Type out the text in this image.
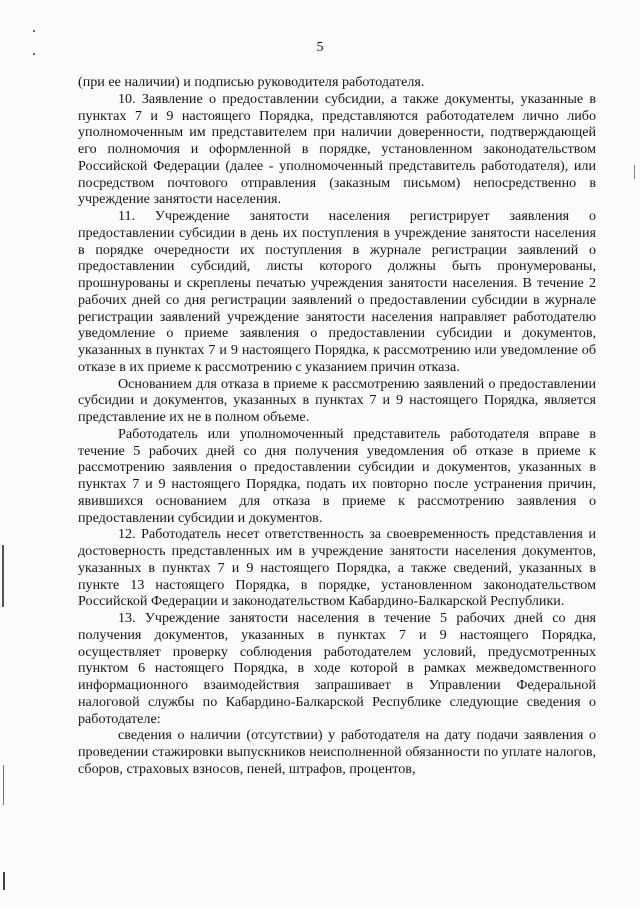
5

(при ее наличии) и подписью руководителя работодателя.

10. Заявление о предоставлении субсидии, а также документы, указанные в пунктах 7 и 9 настоящего Порядка, представляются работодателем лично либо уполномоченным им представителем при наличии доверенности, подтверждающей его полномочия и оформленной в порядке, установленном законодательством Российской Федерации (далее - уполномоченный представитель работодателя), или посредством почтового отправления (заказным письмом) непосредственно в учреждение занятости населения.

11. Учреждение занятости населения регистрирует заявления о предоставлении субсидии в день их поступления в учреждение занятости населения в порядке очередности их поступления в журнале регистрации заявлений о предоставлении субсидий, листы которого должны быть пронумерованы, прошнурованы и скреплены печатью учреждения занятости населения. В течение 2 рабочих дней со дня регистрации заявлений о предоставлении субсидии в журнале регистрации заявлений учреждение занятости населения направляет работодателю уведомление о приеме заявления о предоставлении субсидии и документов, указанных в пунктах 7 и 9 настоящего Порядка, к рассмотрению или уведомление об отказе в их приеме к рассмотрению с указанием причин отказа.

Основанием для отказа в приеме к рассмотрению заявлений о предоставлении субсидии и документов, указанных в пунктах 7 и 9 настоящего Порядка, является представление их не в полном объеме.

Работодатель или уполномоченный представитель работодателя вправе в течение 5 рабочих дней со дня получения уведомления об отказе в приеме к рассмотрению заявления о предоставлении субсидии и документов, указанных в пунктах 7 и 9 настоящего Порядка, подать их повторно после устранения причин, явившихся основанием для отказа в приеме к рассмотрению заявления о предоставлении субсидии и документов.

12. Работодатель несет ответственность за своевременность представления и достоверность представленных им в учреждение занятости населения документов, указанных в пунктах 7 и 9 настоящего Порядка, а также сведений, указанных в пункте 13 настоящего Порядка, в порядке, установленном законодательством Российской Федерации и законодательством Кабардино-Балкарской Республики.

13. Учреждение занятости населения в течение 5 рабочих дней со дня получения документов, указанных в пунктах 7 и 9 настоящего Порядка, осуществляет проверку соблюдения работодателем условий, предусмотренных пунктом 6 настоящего Порядка, в ходе которой в рамках межведомственного информационного взаимодействия запрашивает в Управлении Федеральной налоговой службы по Кабардино-Балкарской Республике следующие сведения о работодателе:

сведения о наличии (отсутствии) у работодателя на дату подачи заявления о проведении стажировки выпускников неисполненной обязанности по уплате налогов, сборов, страховых взносов, пеней, штрафов, процентов,
